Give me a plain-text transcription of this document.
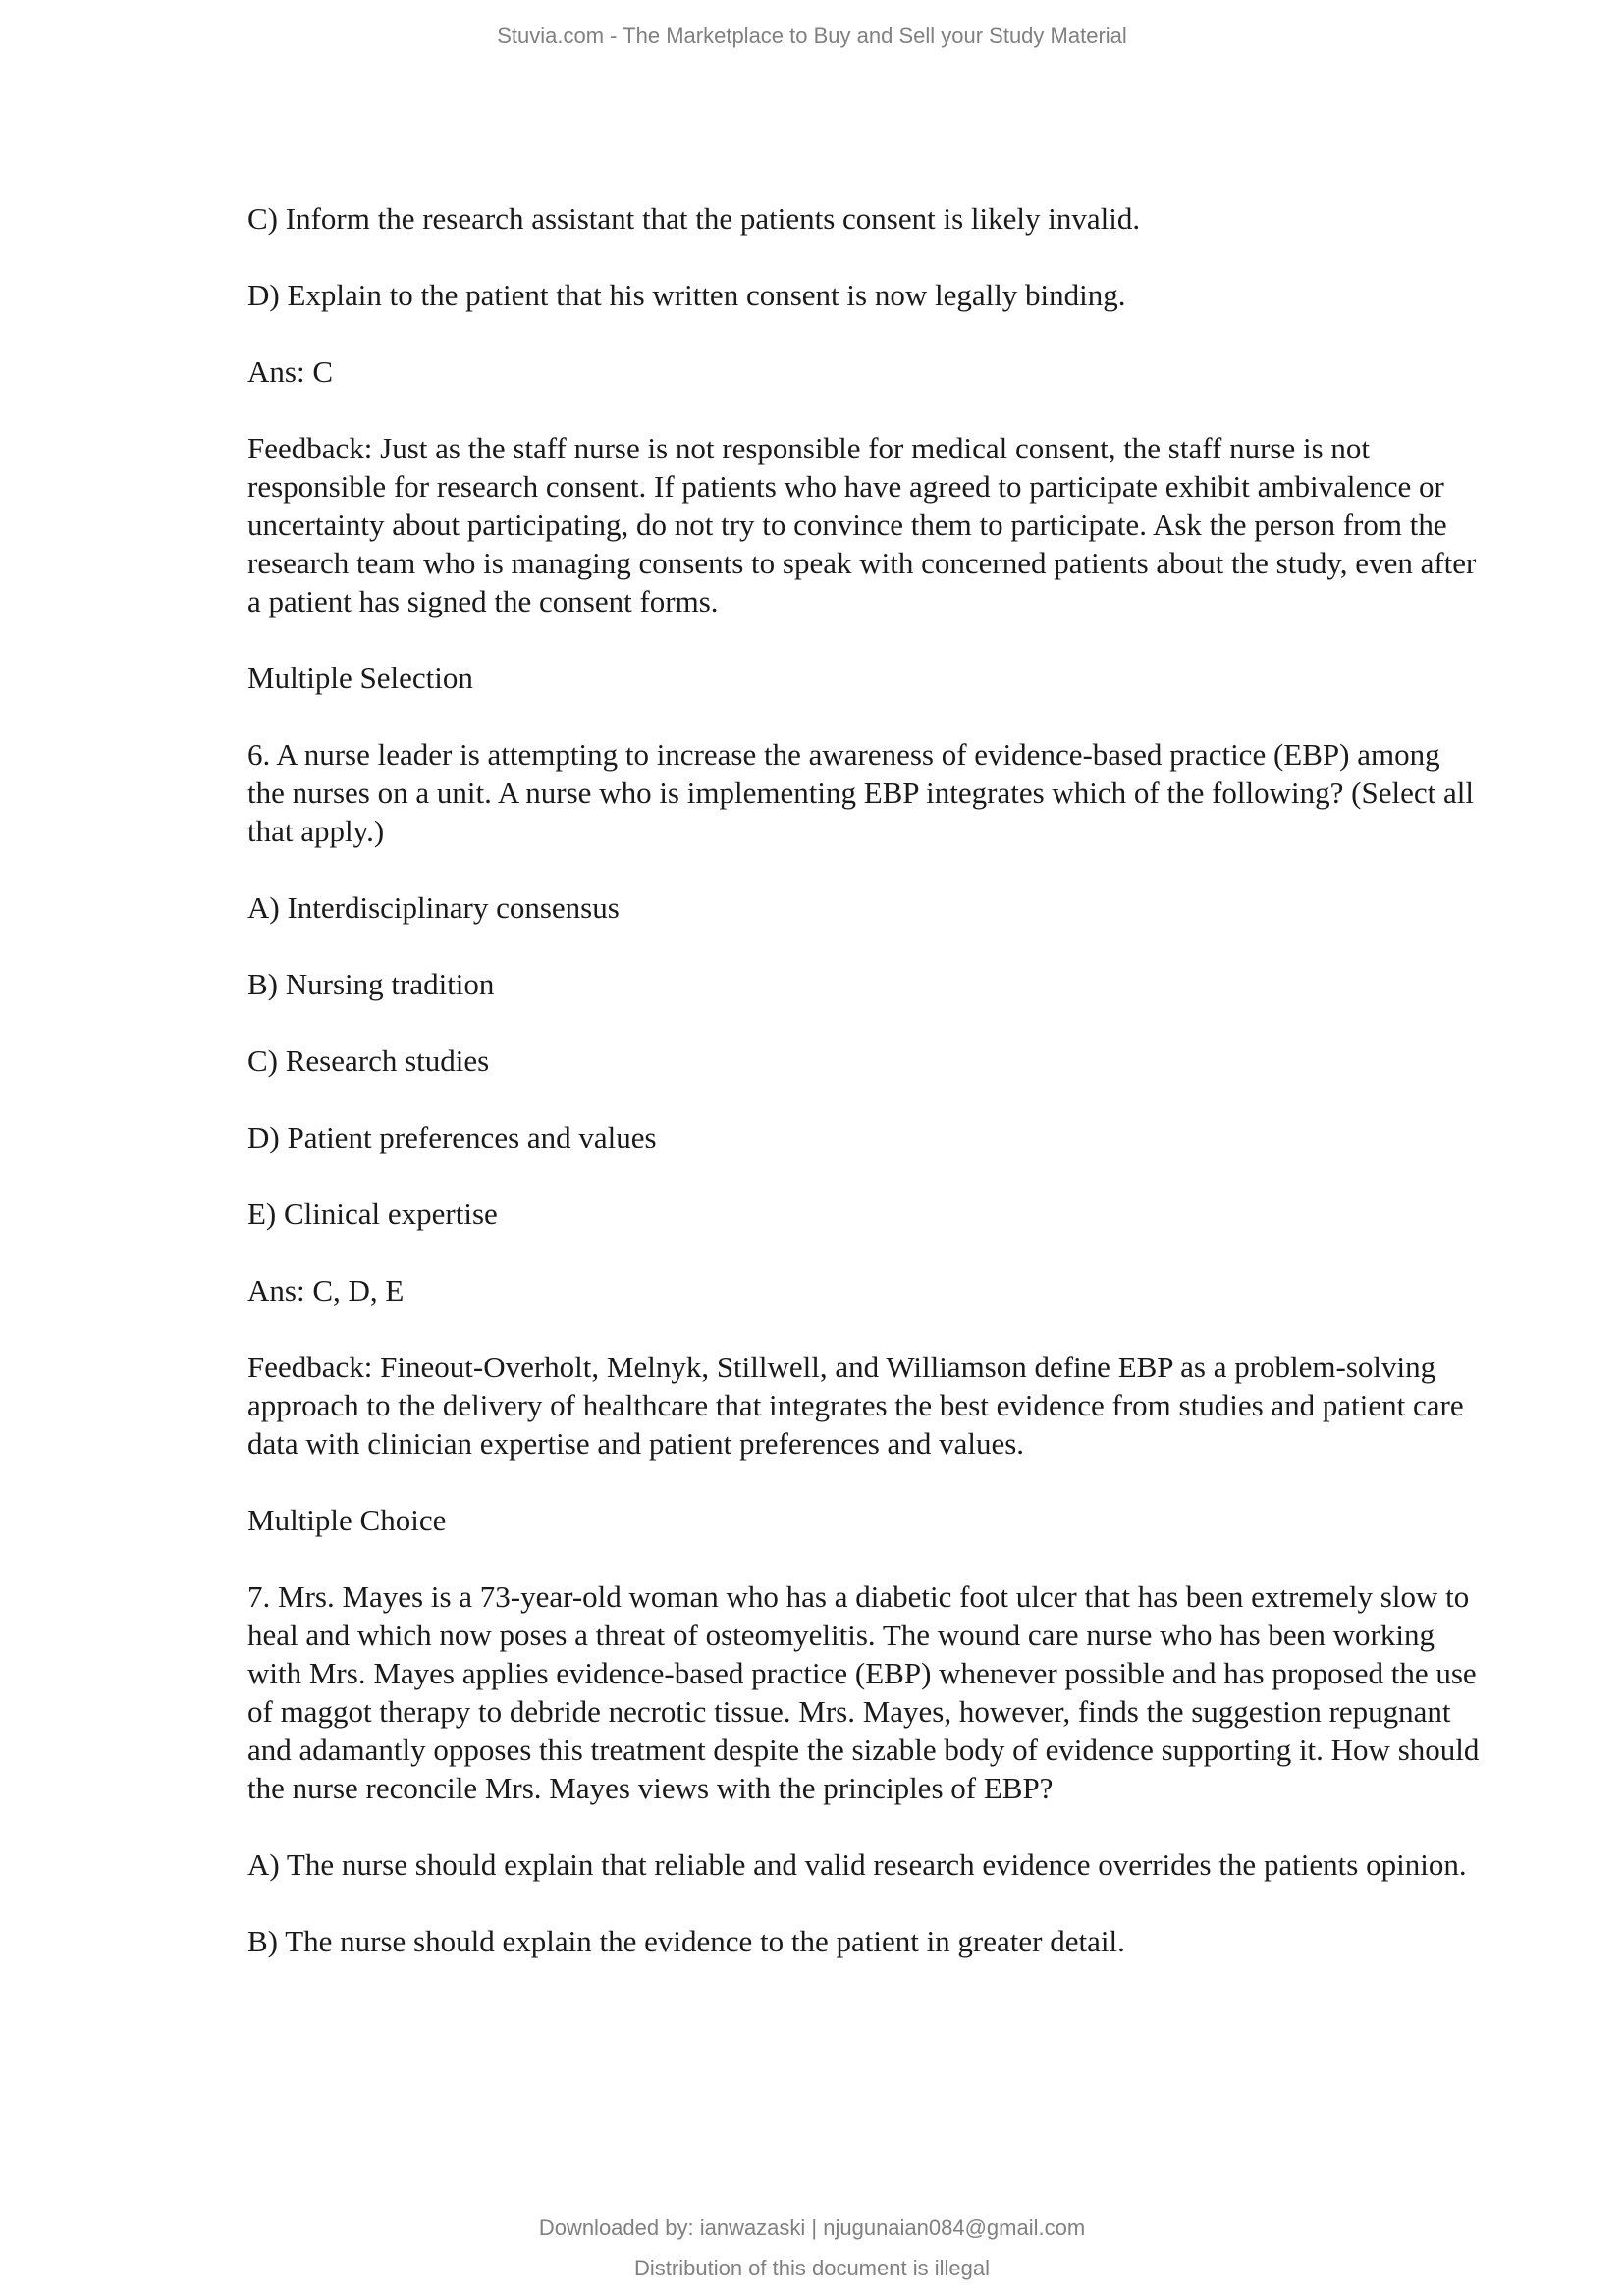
Stuvia.com - The Marketplace to Buy and Sell your Study Material
C) Inform the research assistant that the patients consent is likely invalid.
D) Explain to the patient that his written consent is now legally binding.
Ans: C
Feedback: Just as the staff nurse is not responsible for medical consent, the staff nurse is not
responsible for research consent. If patients who have agreed to participate exhibit ambivalence or
uncertainty about participating, do not try to convince them to participate. Ask the person from the
research team who is managing consents to speak with concerned patients about the study, even after
a patient has signed the consent forms.
Multiple Selection
6. A nurse leader is attempting to increase the awareness of evidence-based practice (EBP) among
the nurses on a unit. A nurse who is implementing EBP integrates which of the following? (Select all
that apply.)
A) Interdisciplinary consensus
B) Nursing tradition
C) Research studies
D) Patient preferences and values
E) Clinical expertise
Ans: C, D, E
Feedback: Fineout-Overholt, Melnyk, Stillwell, and Williamson define EBP as a problem-solving
approach to the delivery of healthcare that integrates the best evidence from studies and patient care
data with clinician expertise and patient preferences and values.
Multiple Choice
7. Mrs. Mayes is a 73-year-old woman who has a diabetic foot ulcer that has been extremely slow to
heal and which now poses a threat of osteomyelitis. The wound care nurse who has been working
with Mrs. Mayes applies evidence-based practice (EBP) whenever possible and has proposed the use
of maggot therapy to debride necrotic tissue. Mrs. Mayes, however, finds the suggestion repugnant
and adamantly opposes this treatment despite the sizable body of evidence supporting it. How should
the nurse reconcile Mrs. Mayes views with the principles of EBP?
A) The nurse should explain that reliable and valid research evidence overrides the patients opinion.
B) The nurse should explain the evidence to the patient in greater detail.
Downloaded by: ianwazaski | njugunaian084@gmail.com
Distribution of this document is illegal
